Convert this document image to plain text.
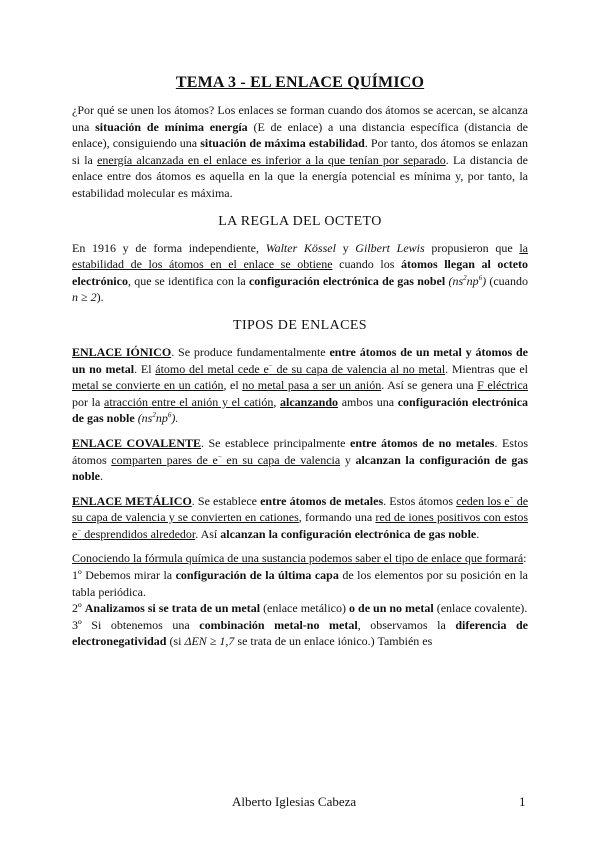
TEMA 3 - EL ENLACE QUÍMICO

¿Por qué se unen los átomos? Los enlaces se forman cuando dos átomos se acercan, se alcanza una situación de mínima energía (E de enlace) a una distancia específica (distancia de enlace), consiguiendo una situación de máxima estabilidad. Por tanto, dos átomos se enlazan si la energía alcanzada en el enlace es inferior a la que tenían por separado. La distancia de enlace entre dos átomos es aquella en la que la energía potencial es mínima y, por tanto, la estabilidad molecular es máxima.

LA REGLA DEL OCTETO

En 1916 y de forma independiente, Walter Kössel y Gilbert Lewis propusieron que la estabilidad de los átomos en el enlace se obtiene cuando los átomos llegan al octeto electrónico, que se identifica con la configuración electrónica de gas nobel $(ns^2np^6)$ (cuando n ≥ 2).

TIPOS DE ENLACES

ENLACE IÓNICO. Se produce fundamentalmente entre átomos de un metal y átomos de un no metal. El átomo del metal cede e− de su capa de valencia al no metal. Mientras que el metal se convierte en un catión, el no metal pasa a ser un anión. Así se genera una F eléctrica por la atracción entre el anión y el catión, alcanzando ambos una configuración electrónica de gas noble $(ns^2np^6)$.

ENLACE COVALENTE. Se establece principalmente entre átomos de no metales. Estos átomos comparten pares de e− en su capa de valencia y alcanzan la configuración de gas noble.

ENLACE METÁLICO. Se establece entre átomos de metales. Estos átomos ceden los e− de su capa de valencia y se convierten en cationes, formando una red de iones positivos con estos e− desprendidos alrededor. Así alcanzan la configuración electrónica de gas noble.

Conociendo la fórmula química de una sustancia podemos saber el tipo de enlace que formará:

1º Debemos mirar la configuración de la última capa de los elementos por su posición en la tabla periódica.

2º Analizamos si se trata de un metal (enlace metálico) o de un no metal (enlace covalente).

3º Si obtenemos una combinación metal-no metal, observamos la diferencia de electronegatividad (si ΔEN ≥ 1,7 se trata de un enlace iónico.) También es

Alberto Iglesias Cabeza	1
